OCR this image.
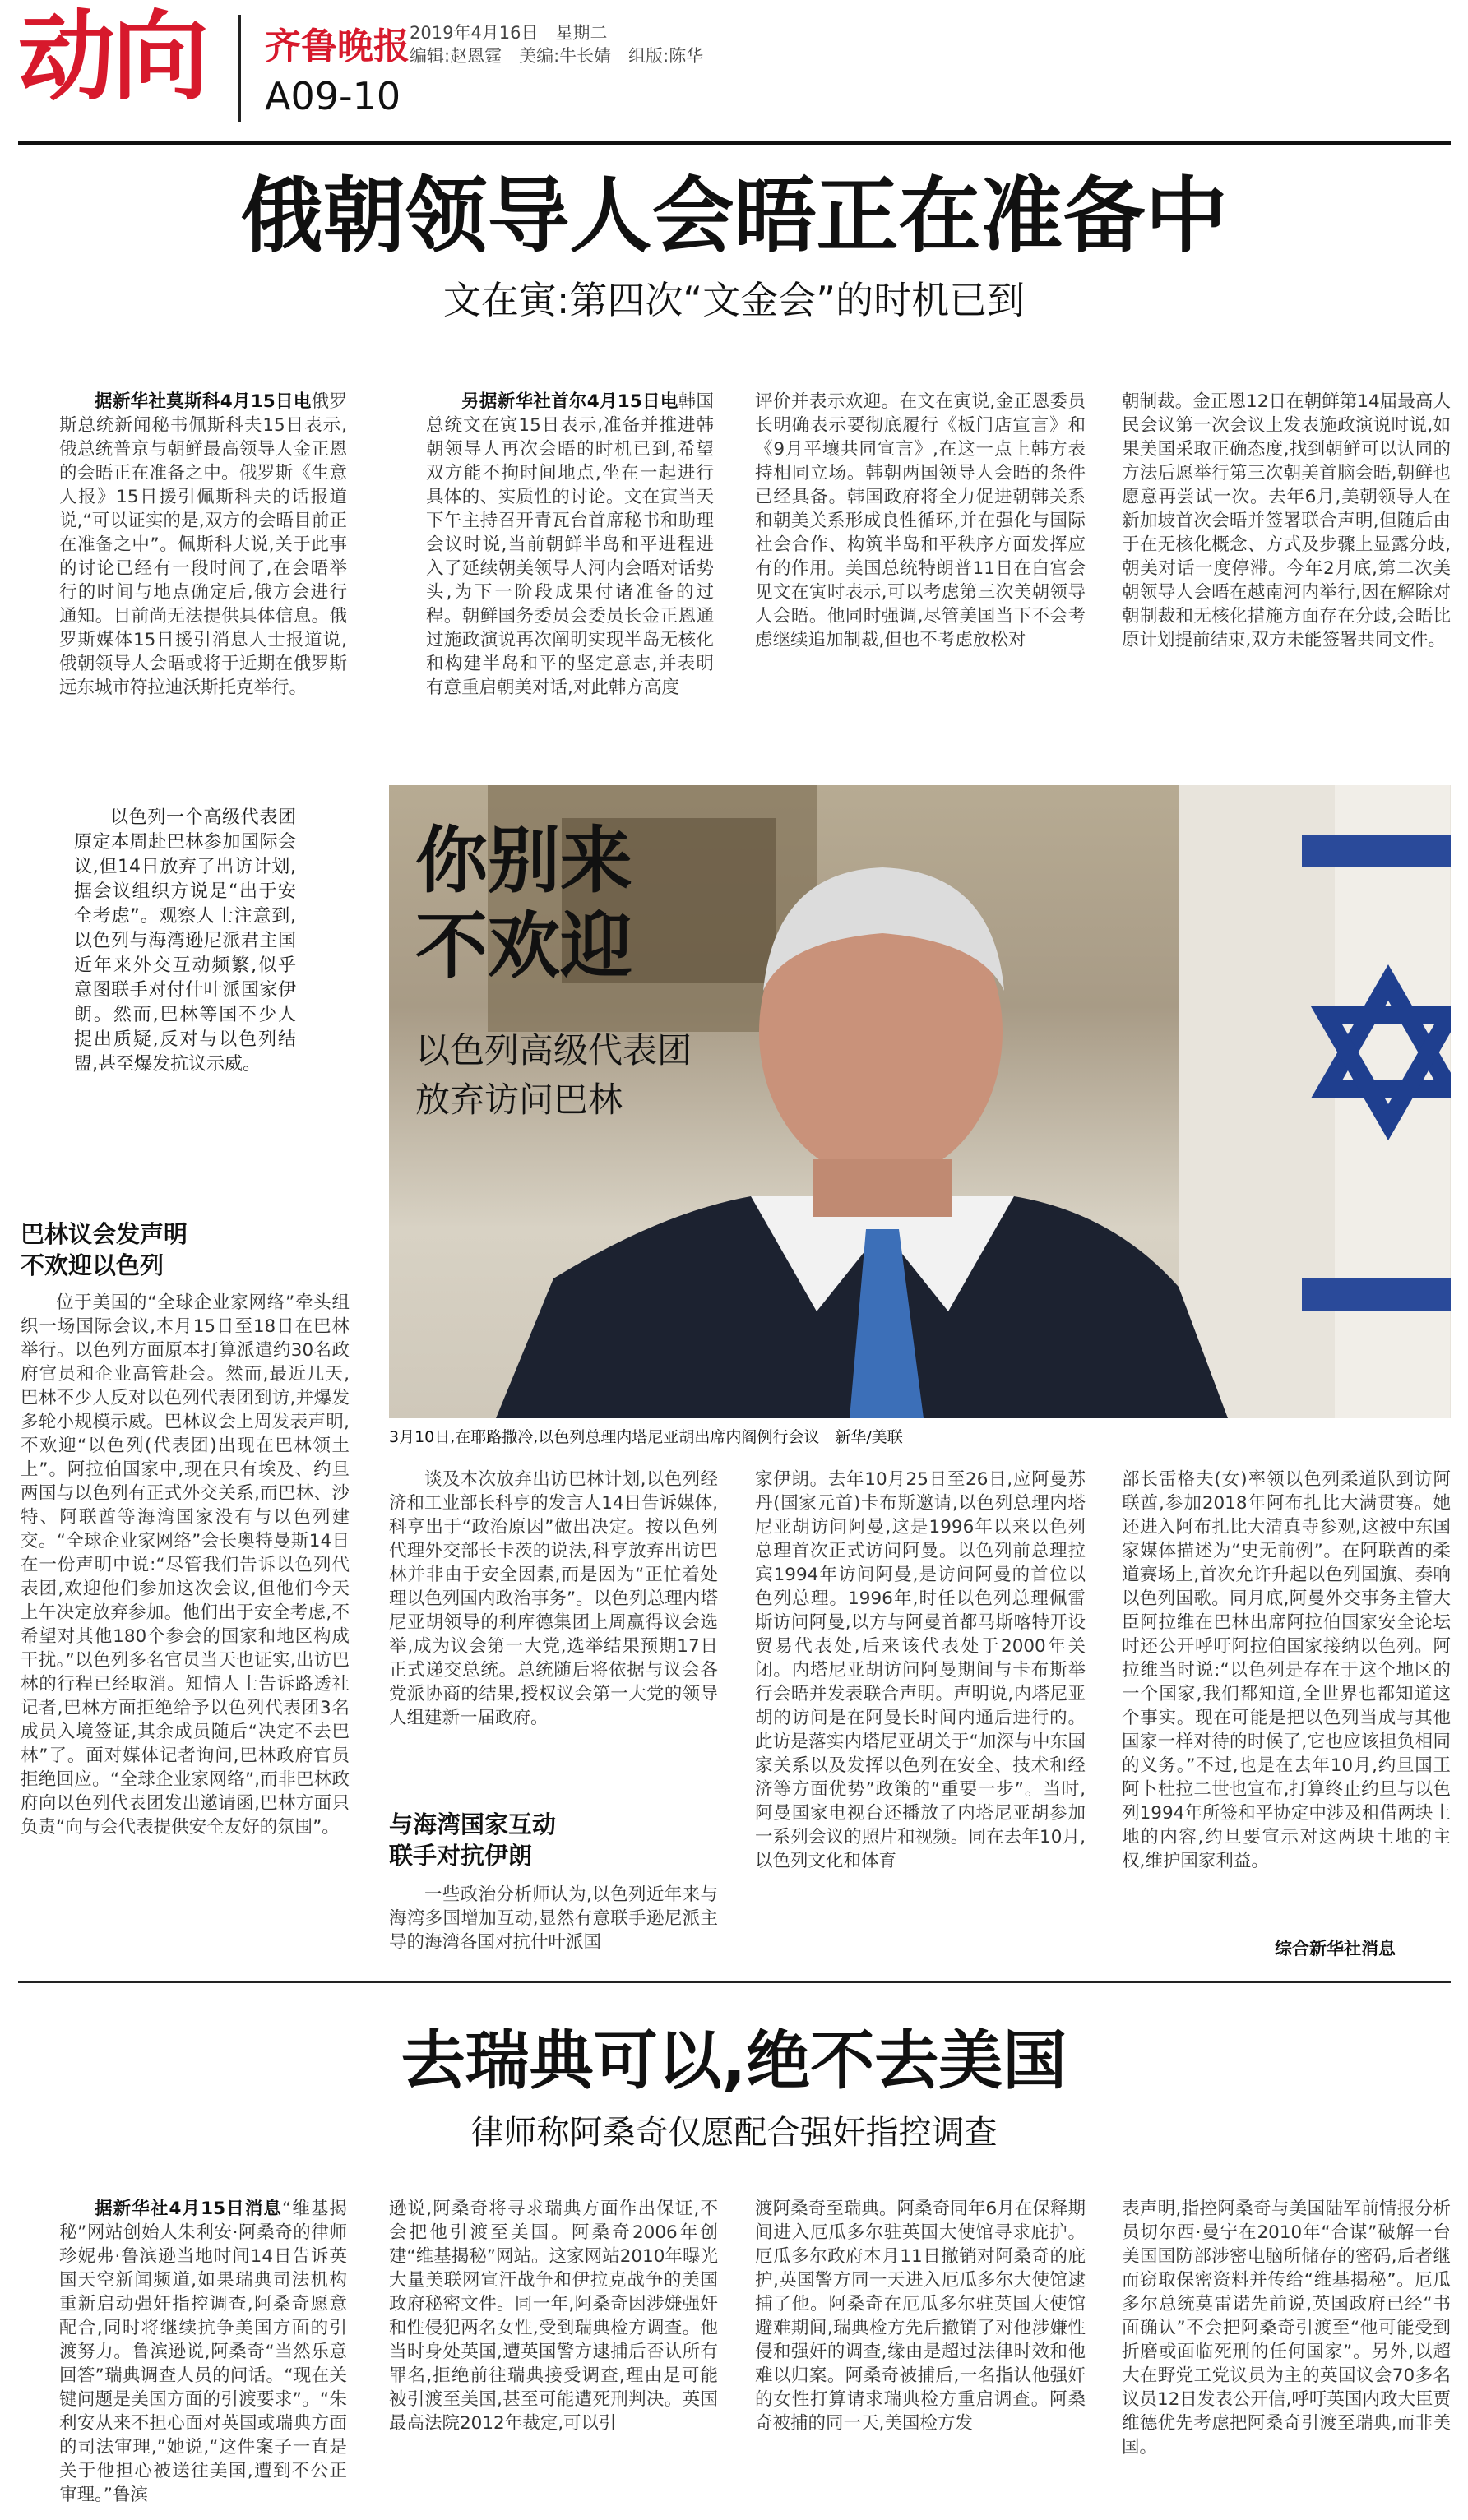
动向 齐鲁晚报
A09-10
2019年4月16日　星期二
编辑:赵恩霆　美编:牛长婧　组版:陈华
俄朝领导人会晤正在准备中
文在寅:第四次“文金会”的时机已到

据新华社莫斯科4月15日电俄罗斯总统新闻秘书佩斯科夫15日表示,俄总统普京与朝鲜最高领导人金正恩的会晤正在准备之中。俄罗斯《生意人报》15日援引佩斯科夫的话报道说,“可以证实的是,双方的会晤目前正在准备之中”。佩斯科夫说,关于此事的讨论已经有一段时间了,在会晤举行的时间与地点确定后,俄方会进行通知。目前尚无法提供具体信息。俄罗斯媒体15日援引消息人士报道说,俄朝领导人会晤或将于近期在俄罗斯远东城市符拉迪沃斯托克举行。

另据新华社首尔4月15日电韩国总统文在寅15日表示,准备并推进韩朝领导人再次会晤的时机已到,希望双方能不拘时间地点,坐在一起进行具体的、实质性的讨论。文在寅当天下午主持召开青瓦台首席秘书和助理会议时说,当前朝鲜半岛和平进程进入了延续朝美领导人河内会晤对话势头,为下一阶段成果付诸准备的过程。朝鲜国务委员会委员长金正恩通过施政演说再次阐明实现半岛无核化和构建半岛和平的坚定意志,并表明有意重启朝美对话,对此韩方高度

评价并表示欢迎。在文在寅说,金正恩委员长明确表示要彻底履行《板门店宣言》和《9月平壤共同宣言》,在这一点上韩方表持相同立场。韩朝两国领导人会晤的条件已经具备。韩国政府将全力促进朝韩关系和朝美关系形成良性循环,并在强化与国际社会合作、构筑半岛和平秩序方面发挥应有的作用。美国总统特朗普11日在白宫会见文在寅时表示,可以考虑第三次美朝领导人会晤。他同时强调,尽管美国当下不会考虑继续追加制裁,但也不考虑放松对

朝制裁。金正恩12日在朝鲜第14届最高人民会议第一次会议上发表施政演说时说,如果美国采取正确态度,找到朝鲜可以认同的方法后愿举行第三次朝美首脑会晤,朝鲜也愿意再尝试一次。去年6月,美朝领导人在新加坡首次会晤并签署联合声明,但随后由于在无核化概念、方式及步骤上显露分歧,朝美对话一度停滞。今年2月底,第二次美朝领导人会晤在越南河内举行,因在解除对朝制裁和无核化措施方面存在分歧,会晤比原计划提前结束,双方未能签署共同文件。

以色列一个高级代表团原定本周赴巴林参加国际会议,但14日放弃了出访计划,据会议组织方说是“出于安全考虑”。观察人士注意到,以色列与海湾逊尼派君主国近年来外交互动频繁,似乎意图联手对付什叶派国家伊朗。然而,巴林等国不少人提出质疑,反对与以色列结盟,甚至爆发抗议示威。

你别来
不欢迎
以色列高级代表团
放弃访问巴林
3月10日,在耶路撒冷,以色列总理内塔尼亚胡出席内阁例行会议　新华/美联
巴林议会发声明
不欢迎以色列

位于美国的“全球企业家网络”牵头组织一场国际会议,本月15日至18日在巴林举行。以色列方面原本打算派遣约30名政府官员和企业高管赴会。然而,最近几天,巴林不少人反对以色列代表团到访,并爆发多轮小规模示威。巴林议会上周发表声明,不欢迎“以色列(代表团)出现在巴林领土上”。阿拉伯国家中,现在只有埃及、约旦两国与以色列有正式外交关系,而巴林、沙特、阿联酋等海湾国家没有与以色列建交。“全球企业家网络”会长奥特曼斯14日在一份声明中说:“尽管我们告诉以色列代表团,欢迎他们参加这次会议,但他们今天上午决定放弃参加。他们出于安全考虑,不希望对其他180个参会的国家和地区构成干扰。”以色列多名官员当天也证实,出访巴林的行程已经取消。知情人士告诉路透社记者,巴林方面拒绝给予以色列代表团3名成员入境签证,其余成员随后“决定不去巴林”了。面对媒体记者询问,巴林政府官员拒绝回应。“全球企业家网络”,而非巴林政府向以色列代表团发出邀请函,巴林方面只负责“向与会代表提供安全友好的氛围”。

谈及本次放弃出访巴林计划,以色列经济和工业部长科亨的发言人14日告诉媒体,科亨出于“政治原因”做出决定。按以色列代理外交部长卡茨的说法,科亨放弃出访巴林并非由于安全因素,而是因为“正忙着处理以色列国内政治事务”。以色列总理内塔尼亚胡领导的利库德集团上周赢得议会选举,成为议会第一大党,选举结果预期17日正式递交总统。总统随后将依据与议会各党派协商的结果,授权议会第一大党的领导人组建新一届政府。

与海湾国家互动
联手对抗伊朗

一些政治分析师认为,以色列近年来与海湾多国增加互动,显然有意联手逊尼派主导的海湾各国对抗什叶派国

家伊朗。去年10月25日至26日,应阿曼苏丹(国家元首)卡布斯邀请,以色列总理内塔尼亚胡访问阿曼,这是1996年以来以色列总理首次正式访问阿曼。以色列前总理拉宾1994年访问阿曼,是访问阿曼的首位以色列总理。1996年,时任以色列总理佩雷斯访问阿曼,以方与阿曼首都马斯喀特开设贸易代表处,后来该代表处于2000年关闭。内塔尼亚胡访问阿曼期间与卡布斯举行会晤并发表联合声明。声明说,内塔尼亚胡的访问是在阿曼长时间内通后进行的。此访是落实内塔尼亚胡关于“加深与中东国家关系以及发挥以色列在安全、技术和经济等方面优势”政策的“重要一步”。当时,阿曼国家电视台还播放了内塔尼亚胡参加一系列会议的照片和视频。同在去年10月,以色列文化和体育

部长雷格夫(女)率领以色列柔道队到访阿联酋,参加2018年阿布扎比大满贯赛。她还进入阿布扎比大清真寺参观,这被中东国家媒体描述为“史无前例”。在阿联酋的柔道赛场上,首次允许升起以色列国旗、奏响以色列国歌。同月底,阿曼外交事务主管大臣阿拉维在巴林出席阿拉伯国家安全论坛时还公开呼吁阿拉伯国家接纳以色列。阿拉维当时说:“以色列是存在于这个地区的一个国家,我们都知道,全世界也都知道这个事实。现在可能是把以色列当成与其他国家一样对待的时候了,它也应该担负相同的义务。”不过,也是在去年10月,约旦国王阿卜杜拉二世也宣布,打算终止约旦与以色列1994年所签和平协定中涉及租借两块土地的内容,约旦要宣示对这两块土地的主权,维护国家利益。

综合新华社消息
去瑞典可以,绝不去美国
律师称阿桑奇仅愿配合强奸指控调查

据新华社4月15日消息“维基揭秘”网站创始人朱利安·阿桑奇的律师珍妮弗·鲁滨逊当地时间14日告诉英国天空新闻频道,如果瑞典司法机构重新启动强奸指控调查,阿桑奇愿意配合,同时将继续抗争美国方面的引渡努力。鲁滨逊说,阿桑奇“当然乐意回答”瑞典调查人员的问话。“现在关键问题是美国方面的引渡要求”。“朱利安从来不担心面对英国或瑞典方面的司法审理,”她说,“这件案子一直是关于他担心被送往美国,遭到不公正审理。”鲁滨

逊说,阿桑奇将寻求瑞典方面作出保证,不会把他引渡至美国。阿桑奇2006年创建“维基揭秘”网站。这家网站2010年曝光大量美联网宣汗战争和伊拉克战争的美国政府秘密文件。同一年,阿桑奇因涉嫌强奸和性侵犯两名女性,受到瑞典检方调查。他当时身处英国,遭英国警方逮捕后否认所有罪名,拒绝前往瑞典接受调查,理由是可能被引渡至美国,甚至可能遭死刑判决。英国最高法院2012年裁定,可以引

渡阿桑奇至瑞典。阿桑奇同年6月在保释期间进入厄瓜多尔驻英国大使馆寻求庇护。厄瓜多尔政府本月11日撤销对阿桑奇的庇护,英国警方同一天进入厄瓜多尔大使馆逮捕了他。阿桑奇在厄瓜多尔驻英国大使馆避难期间,瑞典检方先后撤销了对他涉嫌性侵和强奸的调查,缘由是超过法律时效和他难以归案。阿桑奇被捕后,一名指认他强奸的女性打算请求瑞典检方重启调查。阿桑奇被捕的同一天,美国检方发

表声明,指控阿桑奇与美国陆军前情报分析员切尔西·曼宁在2010年“合谋”破解一台美国国防部涉密电脑所储存的密码,后者继而窃取保密资料并传给“维基揭秘”。厄瓜多尔总统莫雷诺先前说,英国政府已经“书面确认”不会把阿桑奇引渡至“他可能受到折磨或面临死刑的任何国家”。另外,以超大在野党工党议员为主的英国议会70多名议员12日发表公开信,呼吁英国内政大臣贾维德优先考虑把阿桑奇引渡至瑞典,而非美国。
